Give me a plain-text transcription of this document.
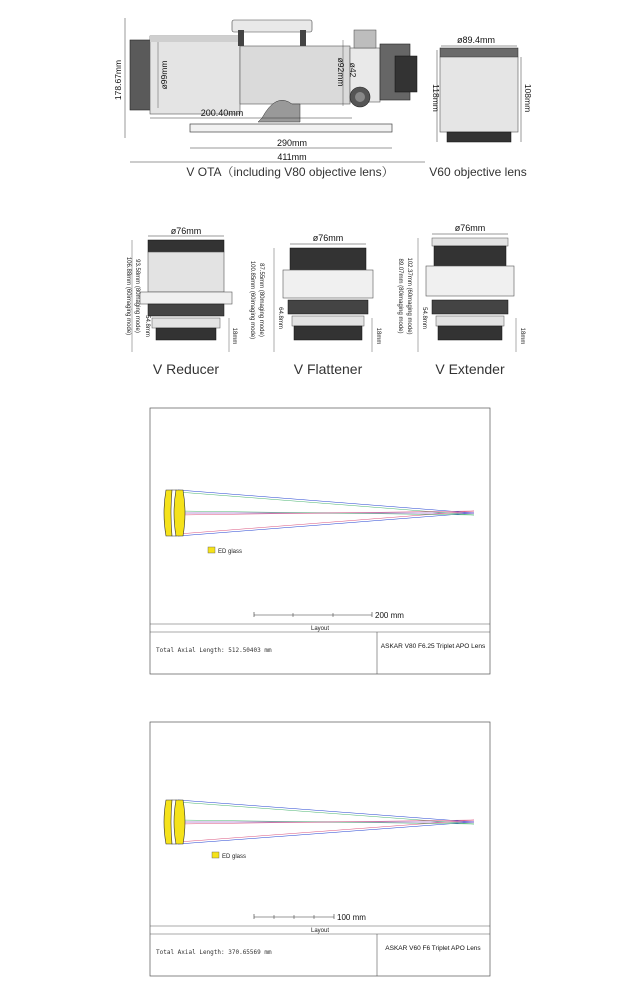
178.67mm	ø99mm	ø92mm ø42
200.40mm
290mm
411mm
V OTA（including V80 objective lens）
ø89.4mm
118mm	108mm
V60 objective lens
ø76mm
93.58mm (80maging mode)
106.88mm (60imaging mode) 54.8mm	18mm
V Reducer
ø76mm
87.55mm (80maging mode)
100.85mm (60imaging mode)	64.8mm
18mm
V Flattener
ø76mm
102.37mm (60maging mode)
89.07mm (80imaging mode)	54.8mm
18mm
V Extender
ED glass
200 mm
Layout
Total Axial Length: 512.50403 mm
ASKAR V80 F6.25 Triplet APO Lens
ED glass
100 mm
Layout
Total Axial Length: 370.65569 mm
ASKAR V60 F6 Triplet APO Lens
